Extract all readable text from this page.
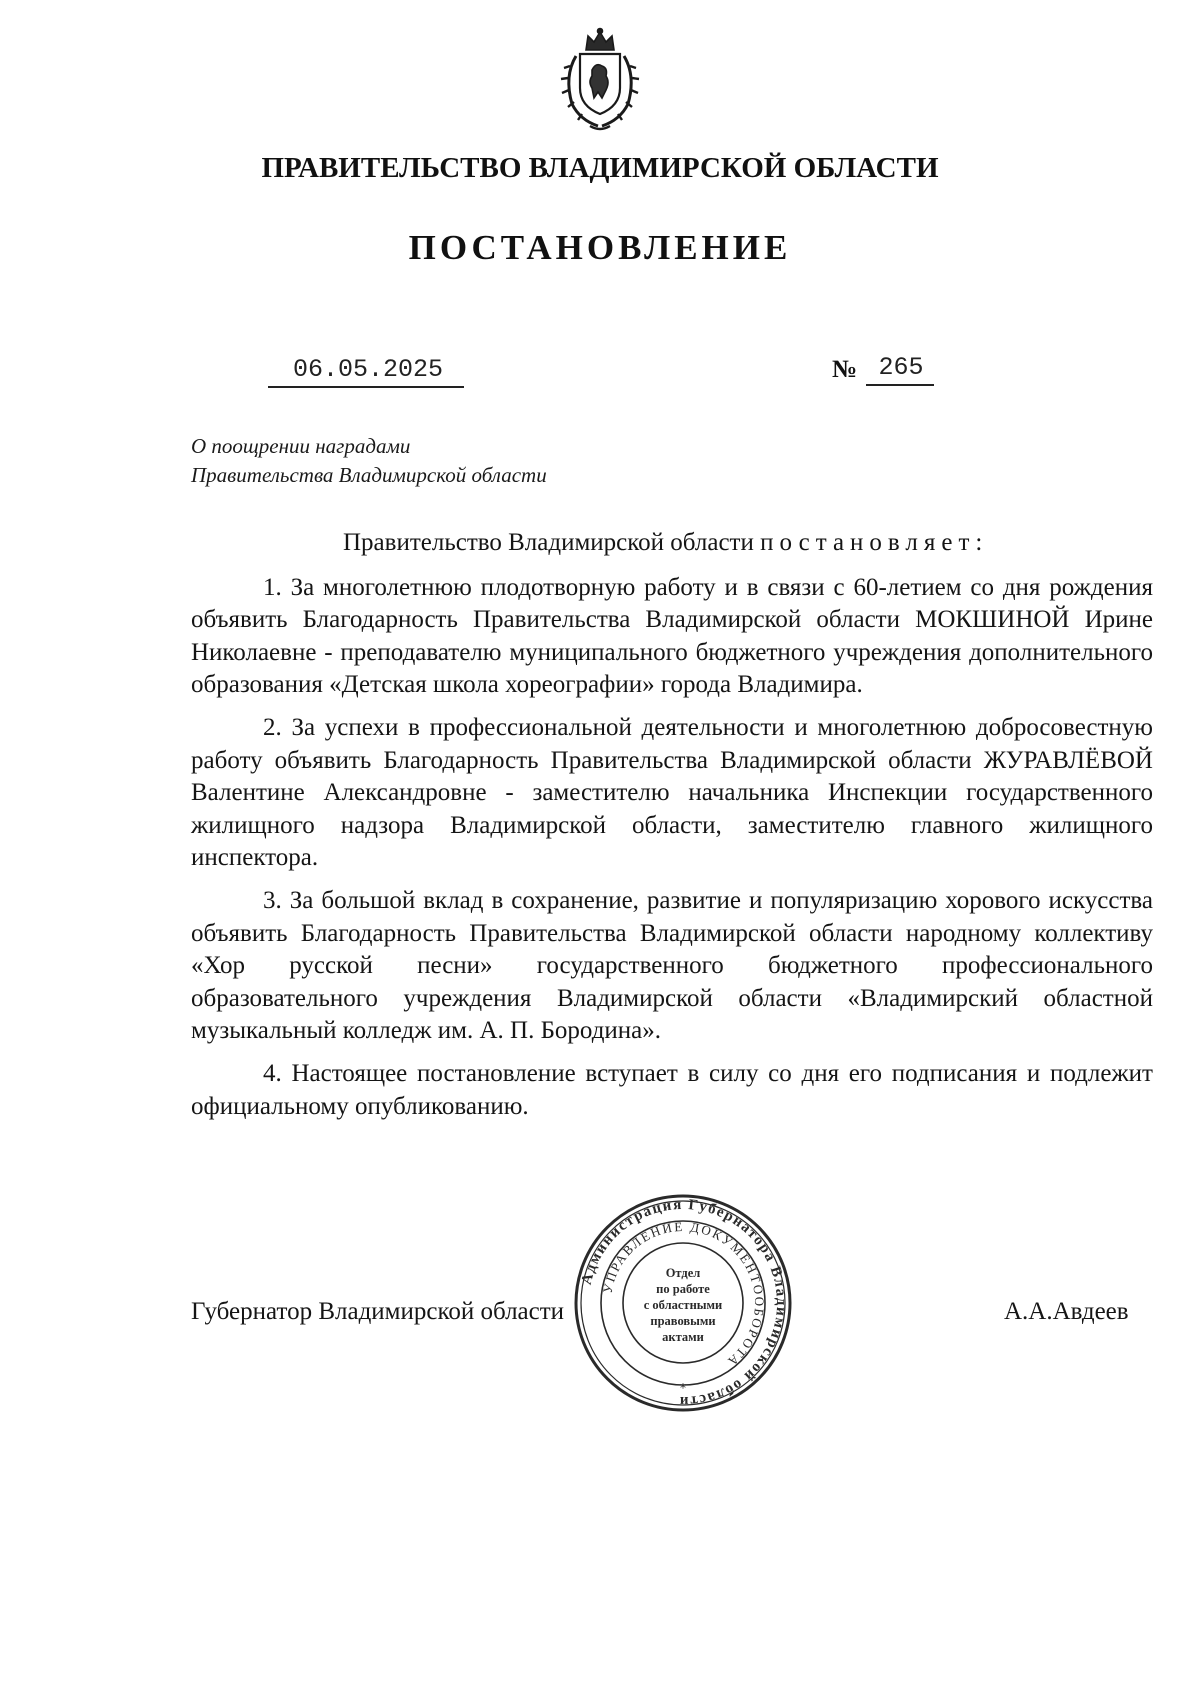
ПРАВИТЕЛЬСТВО ВЛАДИМИРСКОЙ ОБЛАСТИ
ПОСТАНОВЛЕНИЕ
06.05.2025	№ 265
О поощрении наградами
Правительства Владимирской области

Правительство Владимирской области постановляет:

1. За многолетнюю плодотворную работу и в связи с 60-летием со дня рождения объявить Благодарность Правительства Владимирской области МОКШИНОЙ Ирине Николаевне - преподавателю муниципального бюджетного учреждения дополнительного образования «Детская школа хореографии» города Владимира.

2. За успехи в профессиональной деятельности и многолетнюю добросовестную работу объявить Благодарность Правительства Владимирской области ЖУРАВЛЁВОЙ Валентине Александровне - заместителю начальника Инспекции государственного жилищного надзора Владимирской области, заместителю главного жилищного инспектора.

3. За большой вклад в сохранение, развитие и популяризацию хорового искусства объявить Благодарность Правительства Владимирской области народному коллективу «Хор русской песни» государственного бюджетного профессионального образовательного учреждения Владимирской области «Владимирский областной музыкальный колледж им. А. П. Бородина».

4. Настоящее постановление вступает в силу со дня его подписания и подлежит официальному опубликованию.

Губернатор Владимирской области	А.А.Авдеев
Администрация Губернатора Владимирской области
УПРАВЛЕНИЕ ДОКУМЕНТООБОРОТА
Отдел
по работе
с областными
правовыми
актами
*
